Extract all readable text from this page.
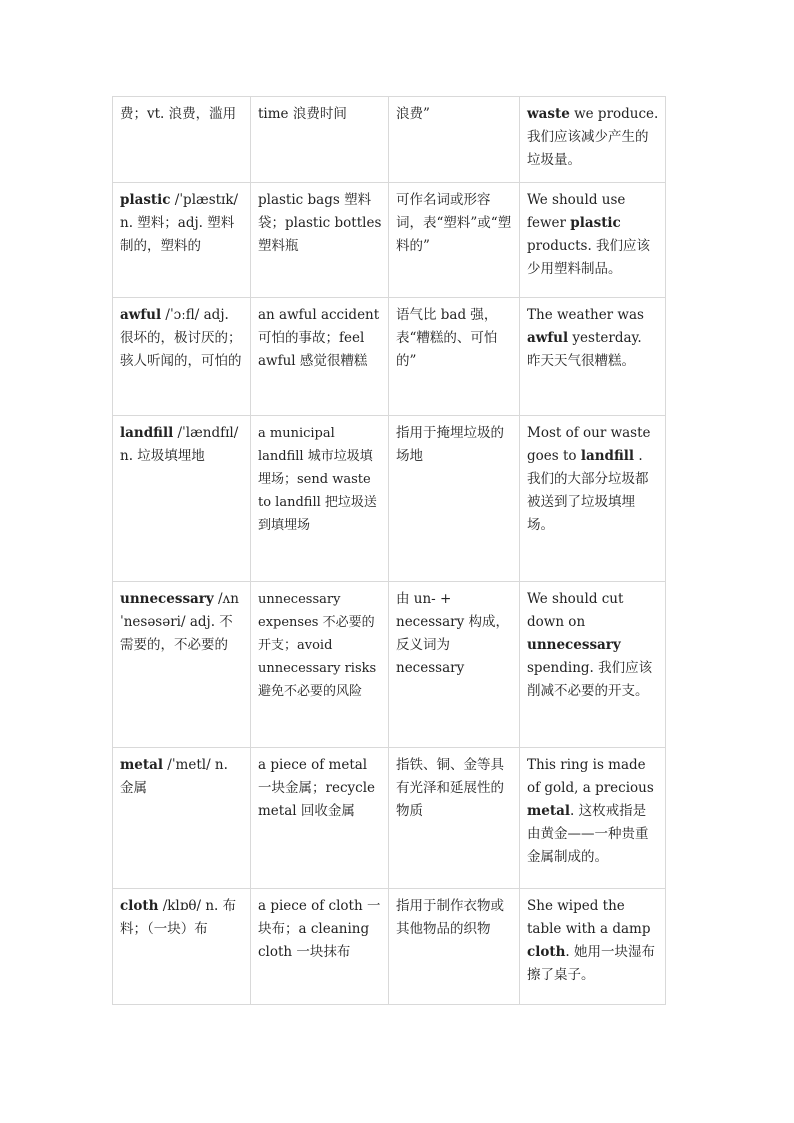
费；vt. 浪费，滥用	time 浪费时间	浪费”	waste we produce. 我们应该减少产生的垃圾量。
plastic /ˈplæstɪk/ n. 塑料；adj. 塑料制的，塑料的	plastic bags 塑料袋；plastic bottles 塑料瓶	可作名词或形容词，表“塑料”或“塑料的”	We should use fewer plastic products. 我们应该少用塑料制品。
awful /ˈɔːfl/ adj. 很坏的，极讨厌的；骇人听闻的，可怕的	an awful accident 可怕的事故；feel awful 感觉很糟糕	语气比 bad 强，表“糟糕的、可怕的”	The weather was awful yesterday. 昨天天气很糟糕。
landfill /ˈlændfɪl/ n. 垃圾填埋地	a municipal landfill 城市垃圾填埋场；send waste to landfill 把垃圾送到填埋场	指用于掩埋垃圾的场地	Most of our waste goes to landfill . 我们的大部分垃圾都被送到了垃圾填埋场。
unnecessary /ʌnˈnesəsəri/ adj. 不需要的，不必要的	unnecessary expenses 不必要的开支；avoid unnecessary risks 避免不必要的风险	由 un- + necessary 构成，反义词为 necessary	We should cut down on unnecessary spending. 我们应该削减不必要的开支。
metal /ˈmetl/ n. 金属	a piece of metal 一块金属；recycle metal 回收金属	指铁、铜、金等具有光泽和延展性的物质	This ring is made of gold, a precious metal. 这枚戒指是由黄金——一种贵重金属制成的。
cloth /klɒθ/ n. 布料；（一块）布	a piece of cloth 一块布；a cleaning cloth 一块抹布	指用于制作衣物或其他物品的织物	She wiped the table with a damp cloth. 她用一块湿布擦了桌子。
